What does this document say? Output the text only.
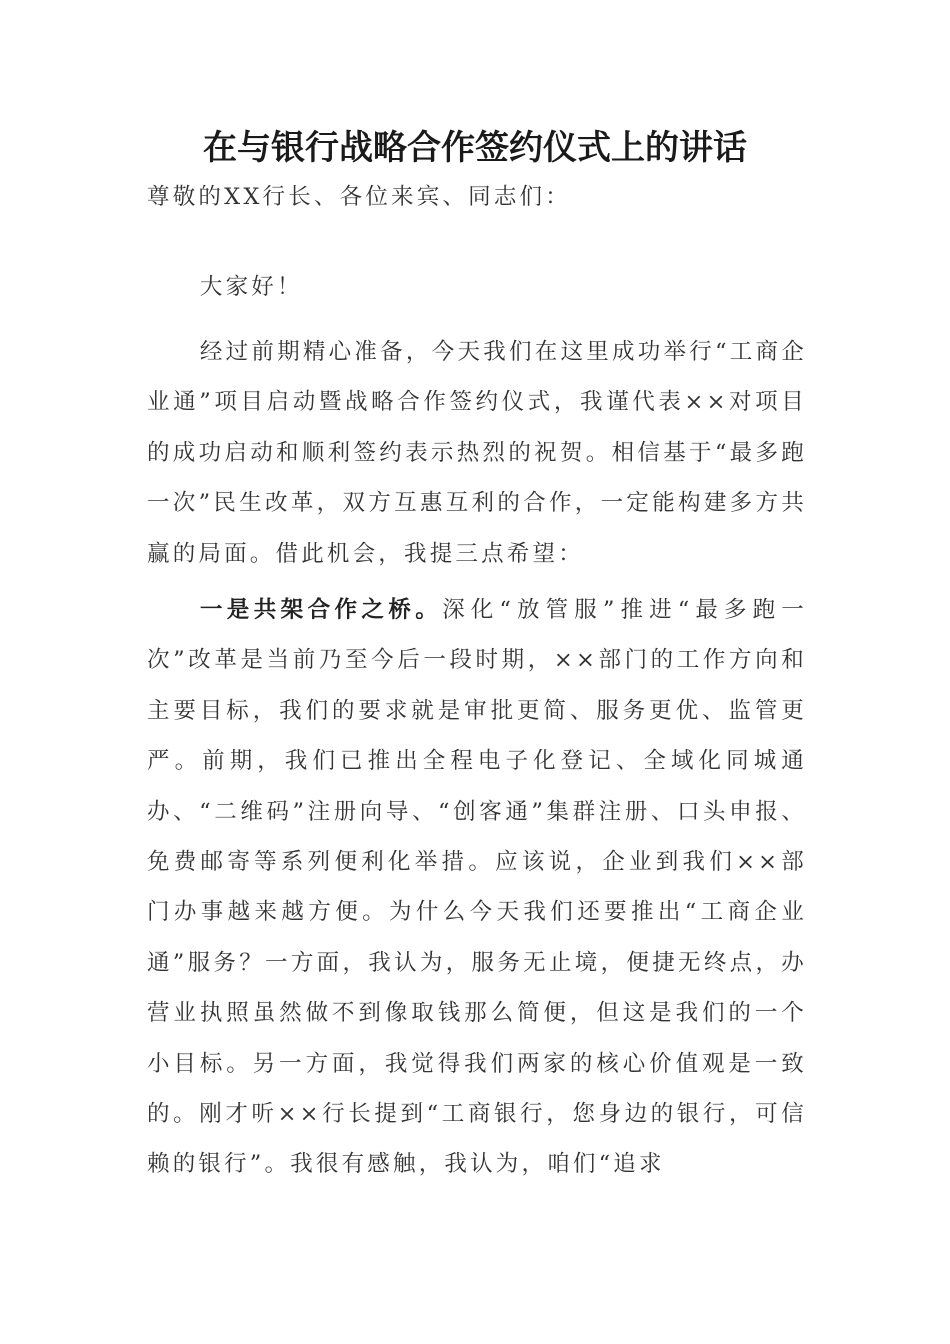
在与银行战略合作签约仪式上的讲话
尊敬的XX行长、各位来宾、同志们：

大家好！

经过前期精心准备，今天我们在这里成功举行“工商企业通”项目启动暨战略合作签约仪式，我谨代表××对项目的成功启动和顺利签约表示热烈的祝贺。相信基于“最多跑一次”民生改革，双方互惠互利的合作，一定能构建多方共赢的局面。借此机会，我提三点希望：

一是共架合作之桥。深化“放管服”推进“最多跑一次”改革是当前乃至今后一段时期，××部门的工作方向和主要目标，我们的要求就是审批更简、服务更优、监管更严。前期，我们已推出全程电子化登记、全域化同城通办、“二维码”注册向导、“创客通”集群注册、口头申报、免费邮寄等系列便利化举措。应该说，企业到我们××部门办事越来越方便。为什么今天我们还要推出“工商企业通”服务？一方面，我认为，服务无止境，便捷无终点，办营业执照虽然做不到像取钱那么简便，但这是我们的一个小目标。另一方面，我觉得我们两家的核心价值观是一致的。刚才听××行长提到“工商银行，您身边的银行，可信赖的银行”。我很有感触，我认为，咱们“追求
